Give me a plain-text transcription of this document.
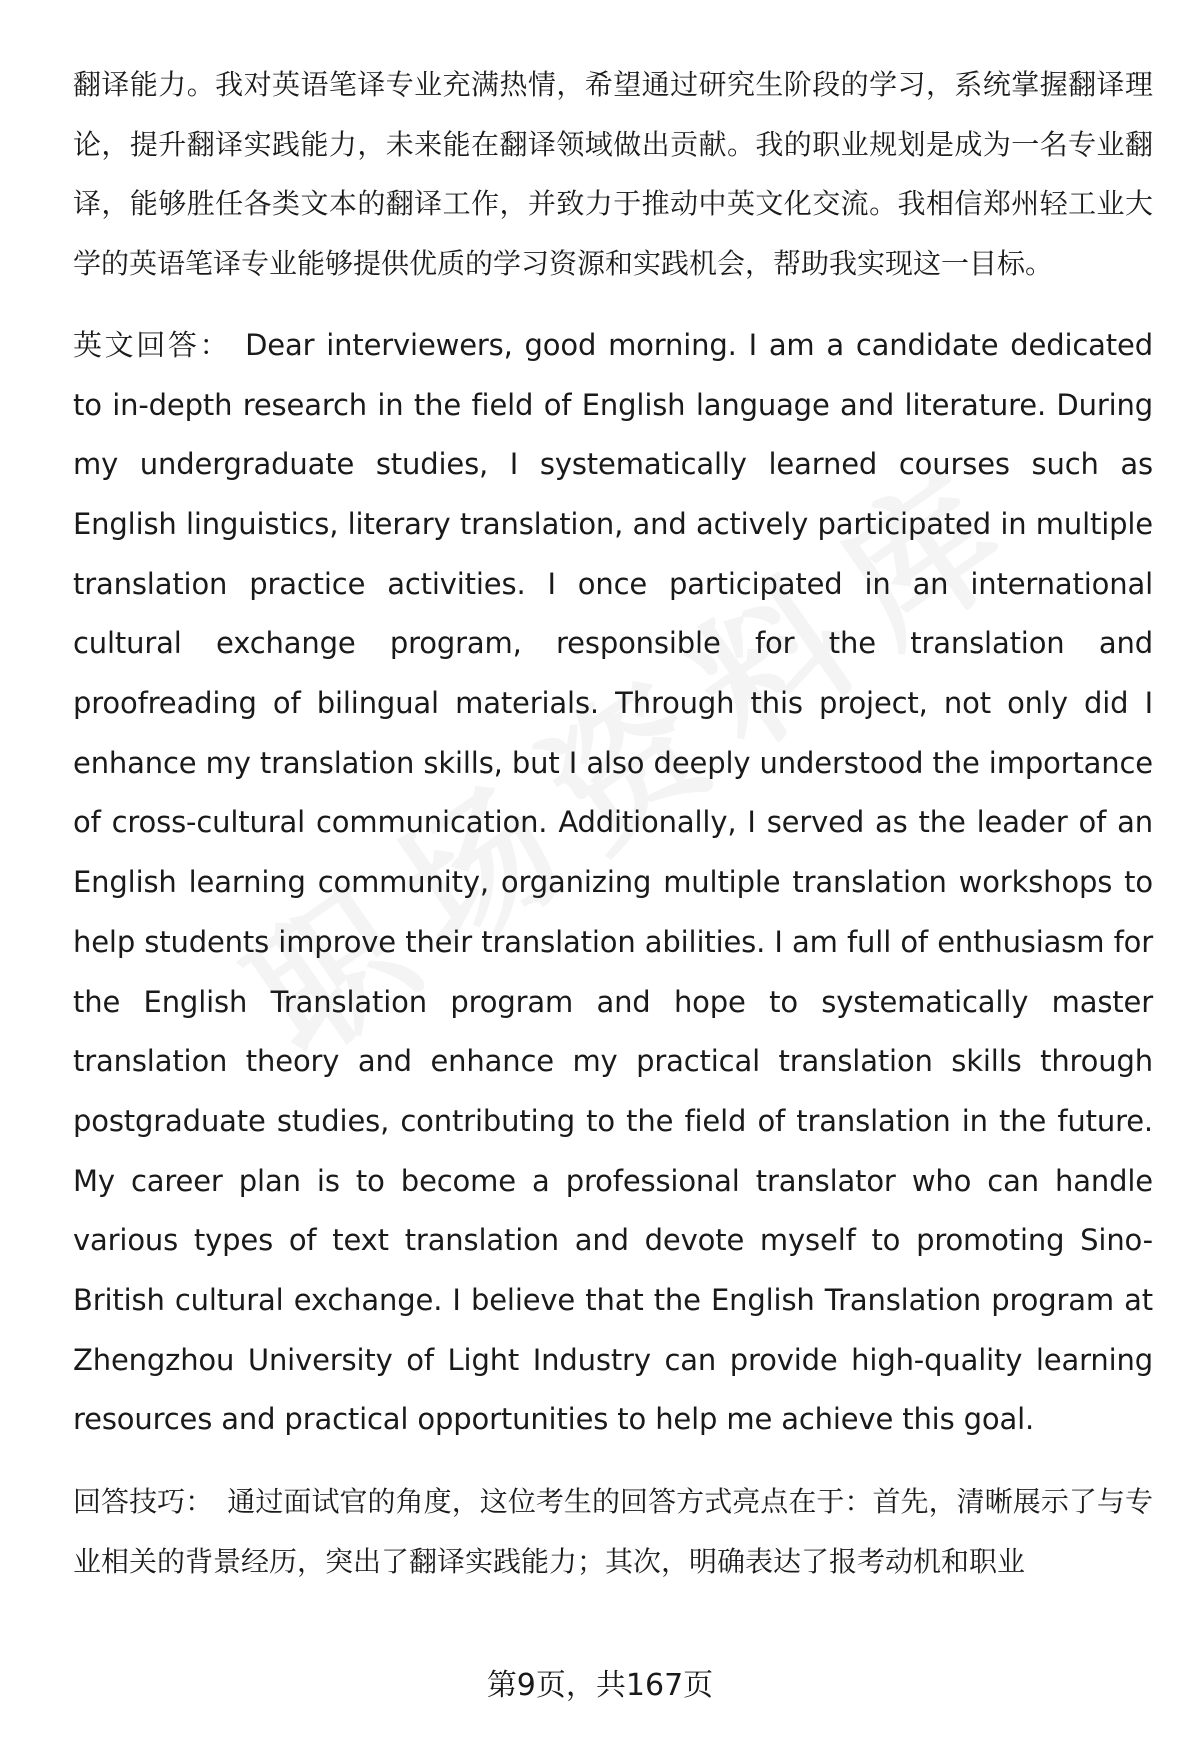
翻译能力。我对英语笔译专业充满热情，希望通过研究生阶段的学习，系统掌握翻译理论，提升翻译实践能力，未来能在翻译领域做出贡献。我的职业规划是成为一名专业翻译，能够胜任各类文本的翻译工作，并致力于推动中英文化交流。我相信郑州轻工业大学的英语笔译专业能够提供优质的学习资源和实践机会，帮助我实现这一目标。

英文回答： Dear interviewers, good morning. I am a candidate dedicated to in-depth research in the field of English language and literature. During my undergraduate studies, I systematically learned courses such as English linguistics, literary translation, and actively participated in multiple translation practice activities. I once participated in an international cultural exchange program, responsible for the translation and proofreading of bilingual materials. Through this project, not only did I enhance my translation skills, but I also deeply understood the importance of cross-cultural communication. Additionally, I served as the leader of an English learning community, organizing multiple translation workshops to help students improve their translation abilities. I am full of enthusiasm for the English Translation program and hope to systematically master translation theory and enhance my practical translation skills through postgraduate studies, contributing to the field of translation in the future. My career plan is to become a professional translator who can handle various types of text translation and devote myself to promoting Sino-British cultural exchange. I believe that the English Translation program at Zhengzhou University of Light Industry can provide high-quality learning resources and practical opportunities to help me achieve this goal.

回答技巧： 通过面试官的角度，这位考生的回答方式亮点在于：首先，清晰展示了与专业相关的背景经历，突出了翻译实践能力；其次，明确表达了报考动机和职业

第9页，共167页
